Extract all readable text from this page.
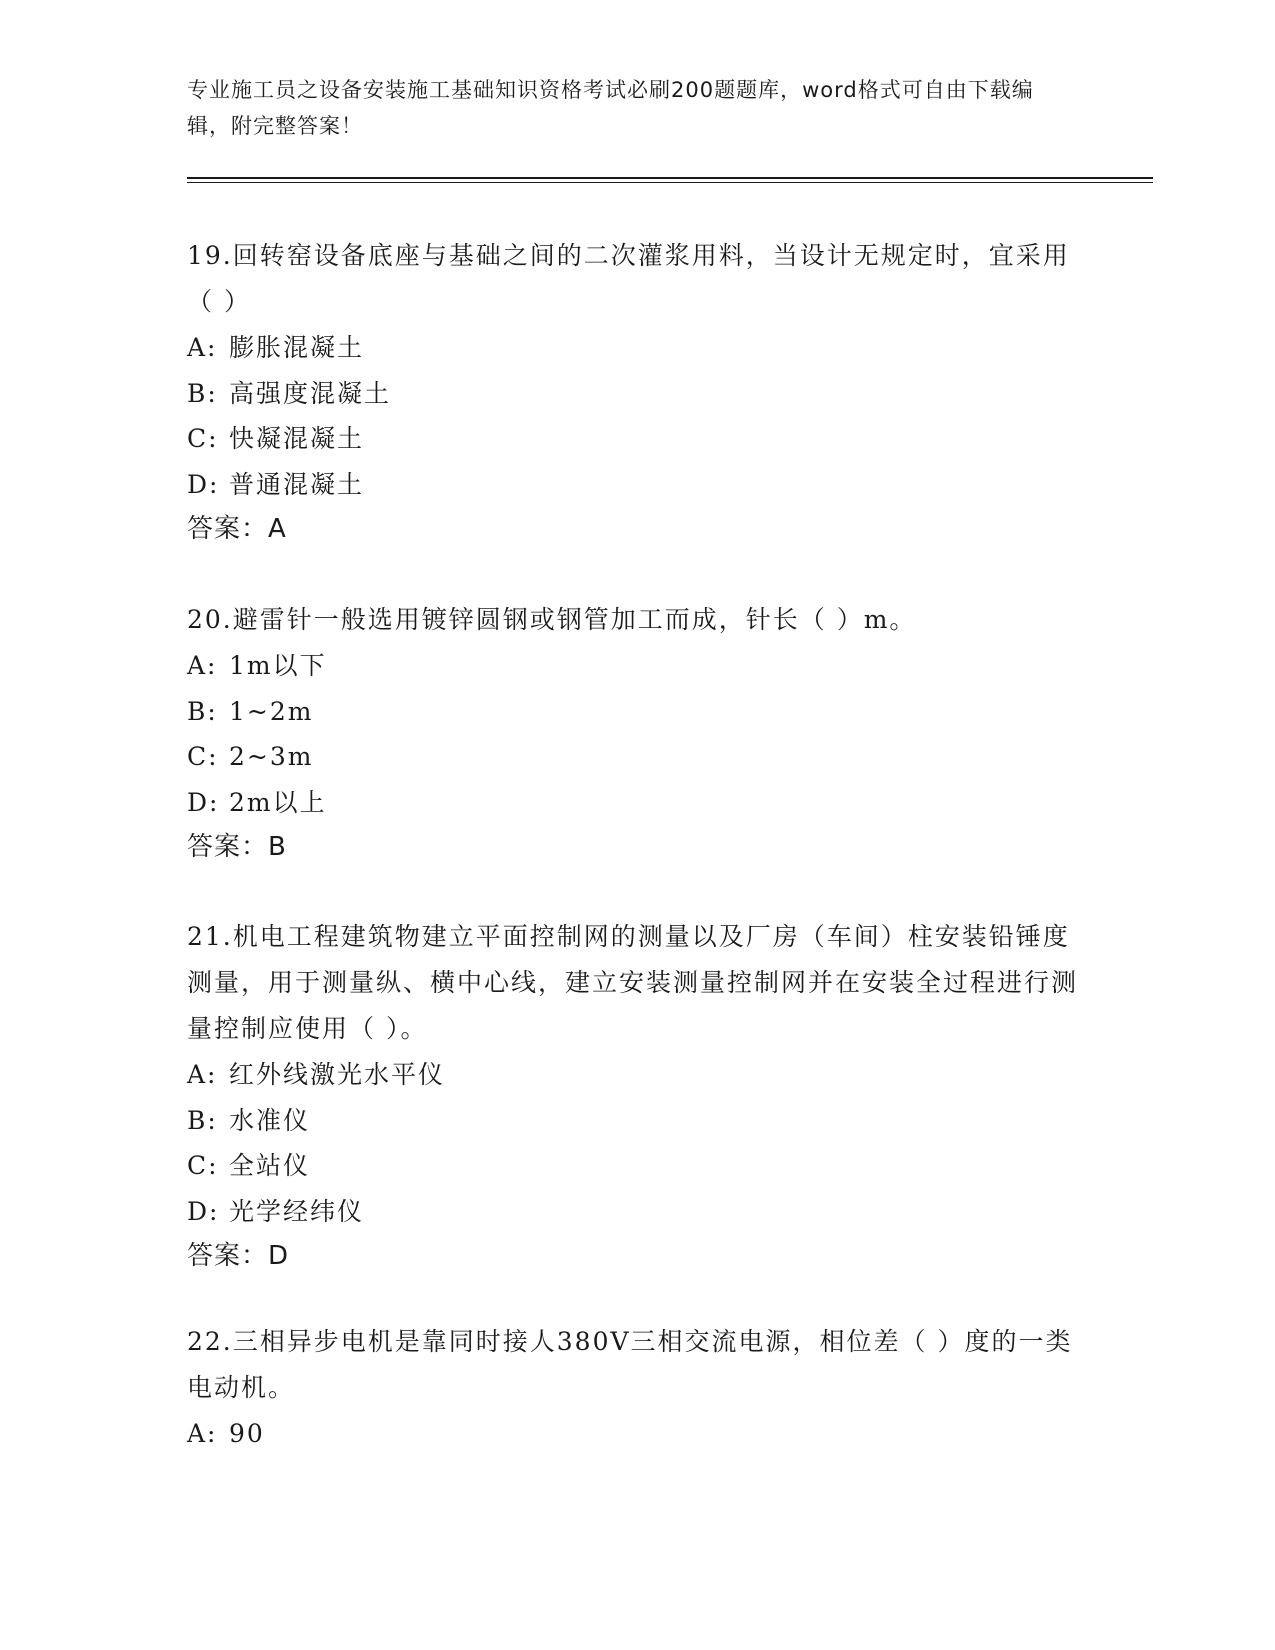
专业施工员之设备安装施工基础知识资格考试必刷200题题库，word格式可自由下载编辑，附完整答案！

19.回转窑设备底座与基础之间的二次灌浆用料，当设计无规定时，宜采用（ ）

A: 膨胀混凝土

B: 高强度混凝土

C: 快凝混凝土

D: 普通混凝土

答案：A

20.避雷针一般选用镀锌圆钢或钢管加工而成，针长（ ）m。

A: 1m以下

B: 1~2m

C: 2~3m

D: 2m以上

答案：B

21.机电工程建筑物建立平面控制网的测量以及厂房（车间）柱安装铅锤度测量，用于测量纵、横中心线，建立安装测量控制网并在安装全过程进行测量控制应使用（ ）。

A: 红外线激光水平仪

B: 水准仪

C: 全站仪

D: 光学经纬仪

答案：D

22.三相异步电机是靠同时接人380V三相交流电源，相位差（ ）度的一类电动机。

A: 90
